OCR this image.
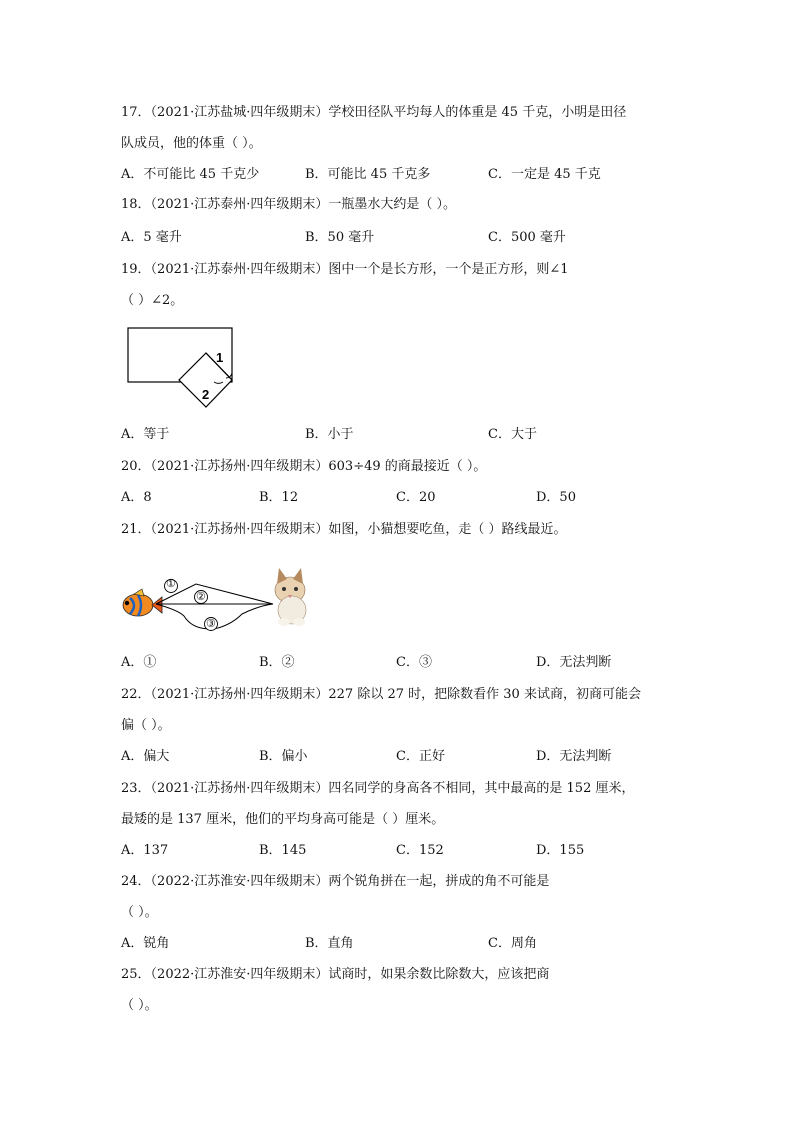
17．（2021·江苏盐城·四年级期末）学校田径队平均每人的体重是 45 千克，小明是田径
队成员，他的体重（ ）。
A．不可能比 45 千克少	B．可能比 45 千克多	C．一定是 45 千克
18．（2021·江苏泰州·四年级期末）一瓶墨水大约是（ ）。
A．5 毫升	B．50 毫升	C．500 毫升
19．（2021·江苏泰州·四年级期末）图中一个是长方形，一个是正方形，则∠1
（ ）∠2。
1
2
A．等于	B．小于	C．大于
20．（2021·江苏扬州·四年级期末）603÷49 的商最接近（ ）。
A．8	B．12	C．20	D．50
21．（2021·江苏扬州·四年级期末）如图，小猫想要吃鱼，走（ ）路线最近。
①
②
③
A．①	B．②	C．③	D．无法判断
22．（2021·江苏扬州·四年级期末）227 除以 27 时，把除数看作 30 来试商，初商可能会
偏（ ）。
A．偏大	B．偏小	C．正好	D．无法判断
23．（2021·江苏扬州·四年级期末）四名同学的身高各不相同，其中最高的是 152 厘米，
最矮的是 137 厘米，他们的平均身高可能是（ ）厘米。
A．137	B．145	C．152	D．155
24．（2022·江苏淮安·四年级期末）两个锐角拼在一起，拼成的角不可能是
（ ）。
A．锐角	B．直角	C．周角
25．（2022·江苏淮安·四年级期末）试商时，如果余数比除数大，应该把商
（ ）。
